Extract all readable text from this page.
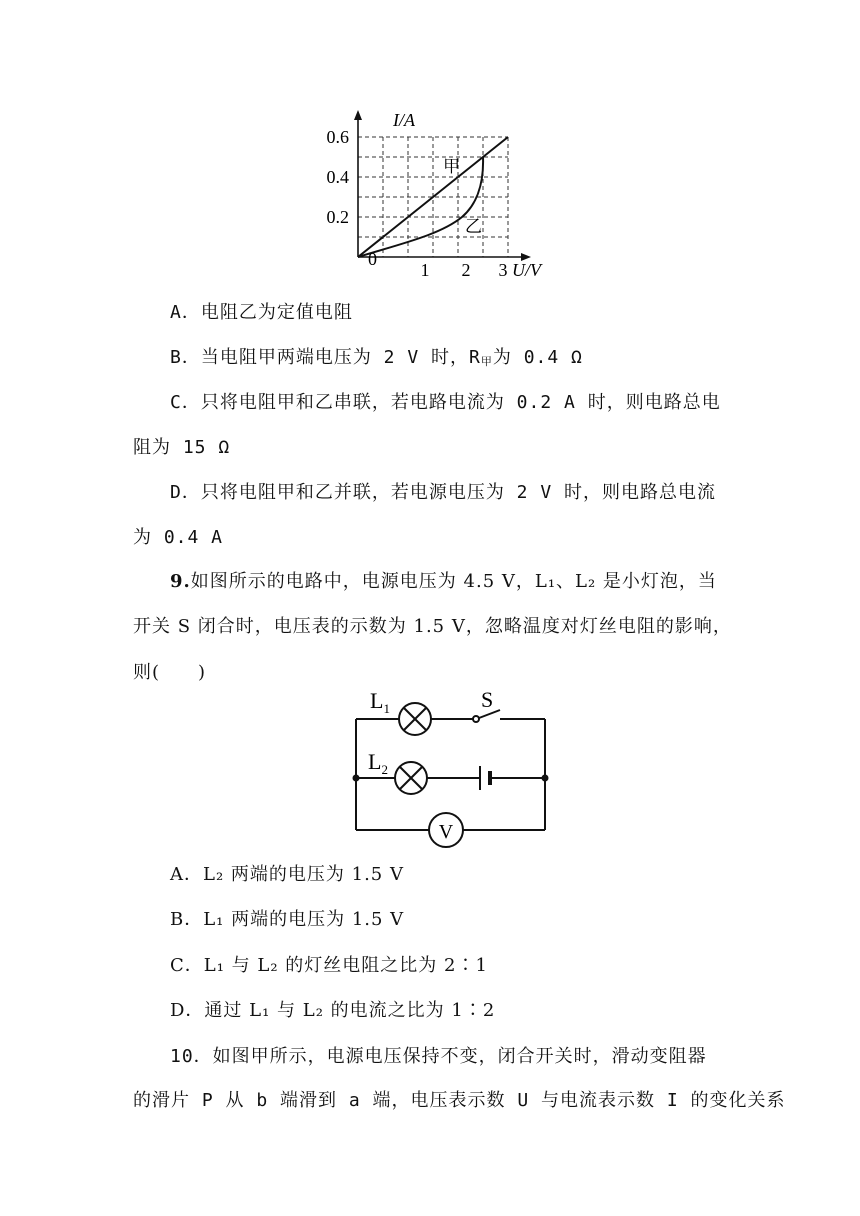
I/A
0.6
0.4
0.2
0
1 2 3 U/V
甲
乙
A．电阻乙为定值电阻
B．当电阻甲两端电压为 2 V 时，R甲为 0.4 Ω
C．只将电阻甲和乙串联，若电路电流为 0.2 A 时，则电路总电
阻为 15 Ω
D．只将电阻甲和乙并联，若电源电压为 2 V 时，则电路总电流
为 0.4 A
9.如图所示的电路中，电源电压为 4.5 V，L₁、L₂ 是小灯泡，当
开关 S 闭合时，电压表的示数为 1.5 V，忽略温度对灯丝电阻的影响，
则(　　)
V
$L_1$	S
$L_2$
A．L₂ 两端的电压为 1.5 V
B．L₁ 两端的电压为 1.5 V
C．L₁ 与 L₂ 的灯丝电阻之比为 2∶1
D．通过 L₁ 与 L₂ 的电流之比为 1∶2
10．如图甲所示，电源电压保持不变，闭合开关时，滑动变阻器
的滑片 P 从 b 端滑到 a 端，电压表示数 U 与电流表示数 I 的变化关系
